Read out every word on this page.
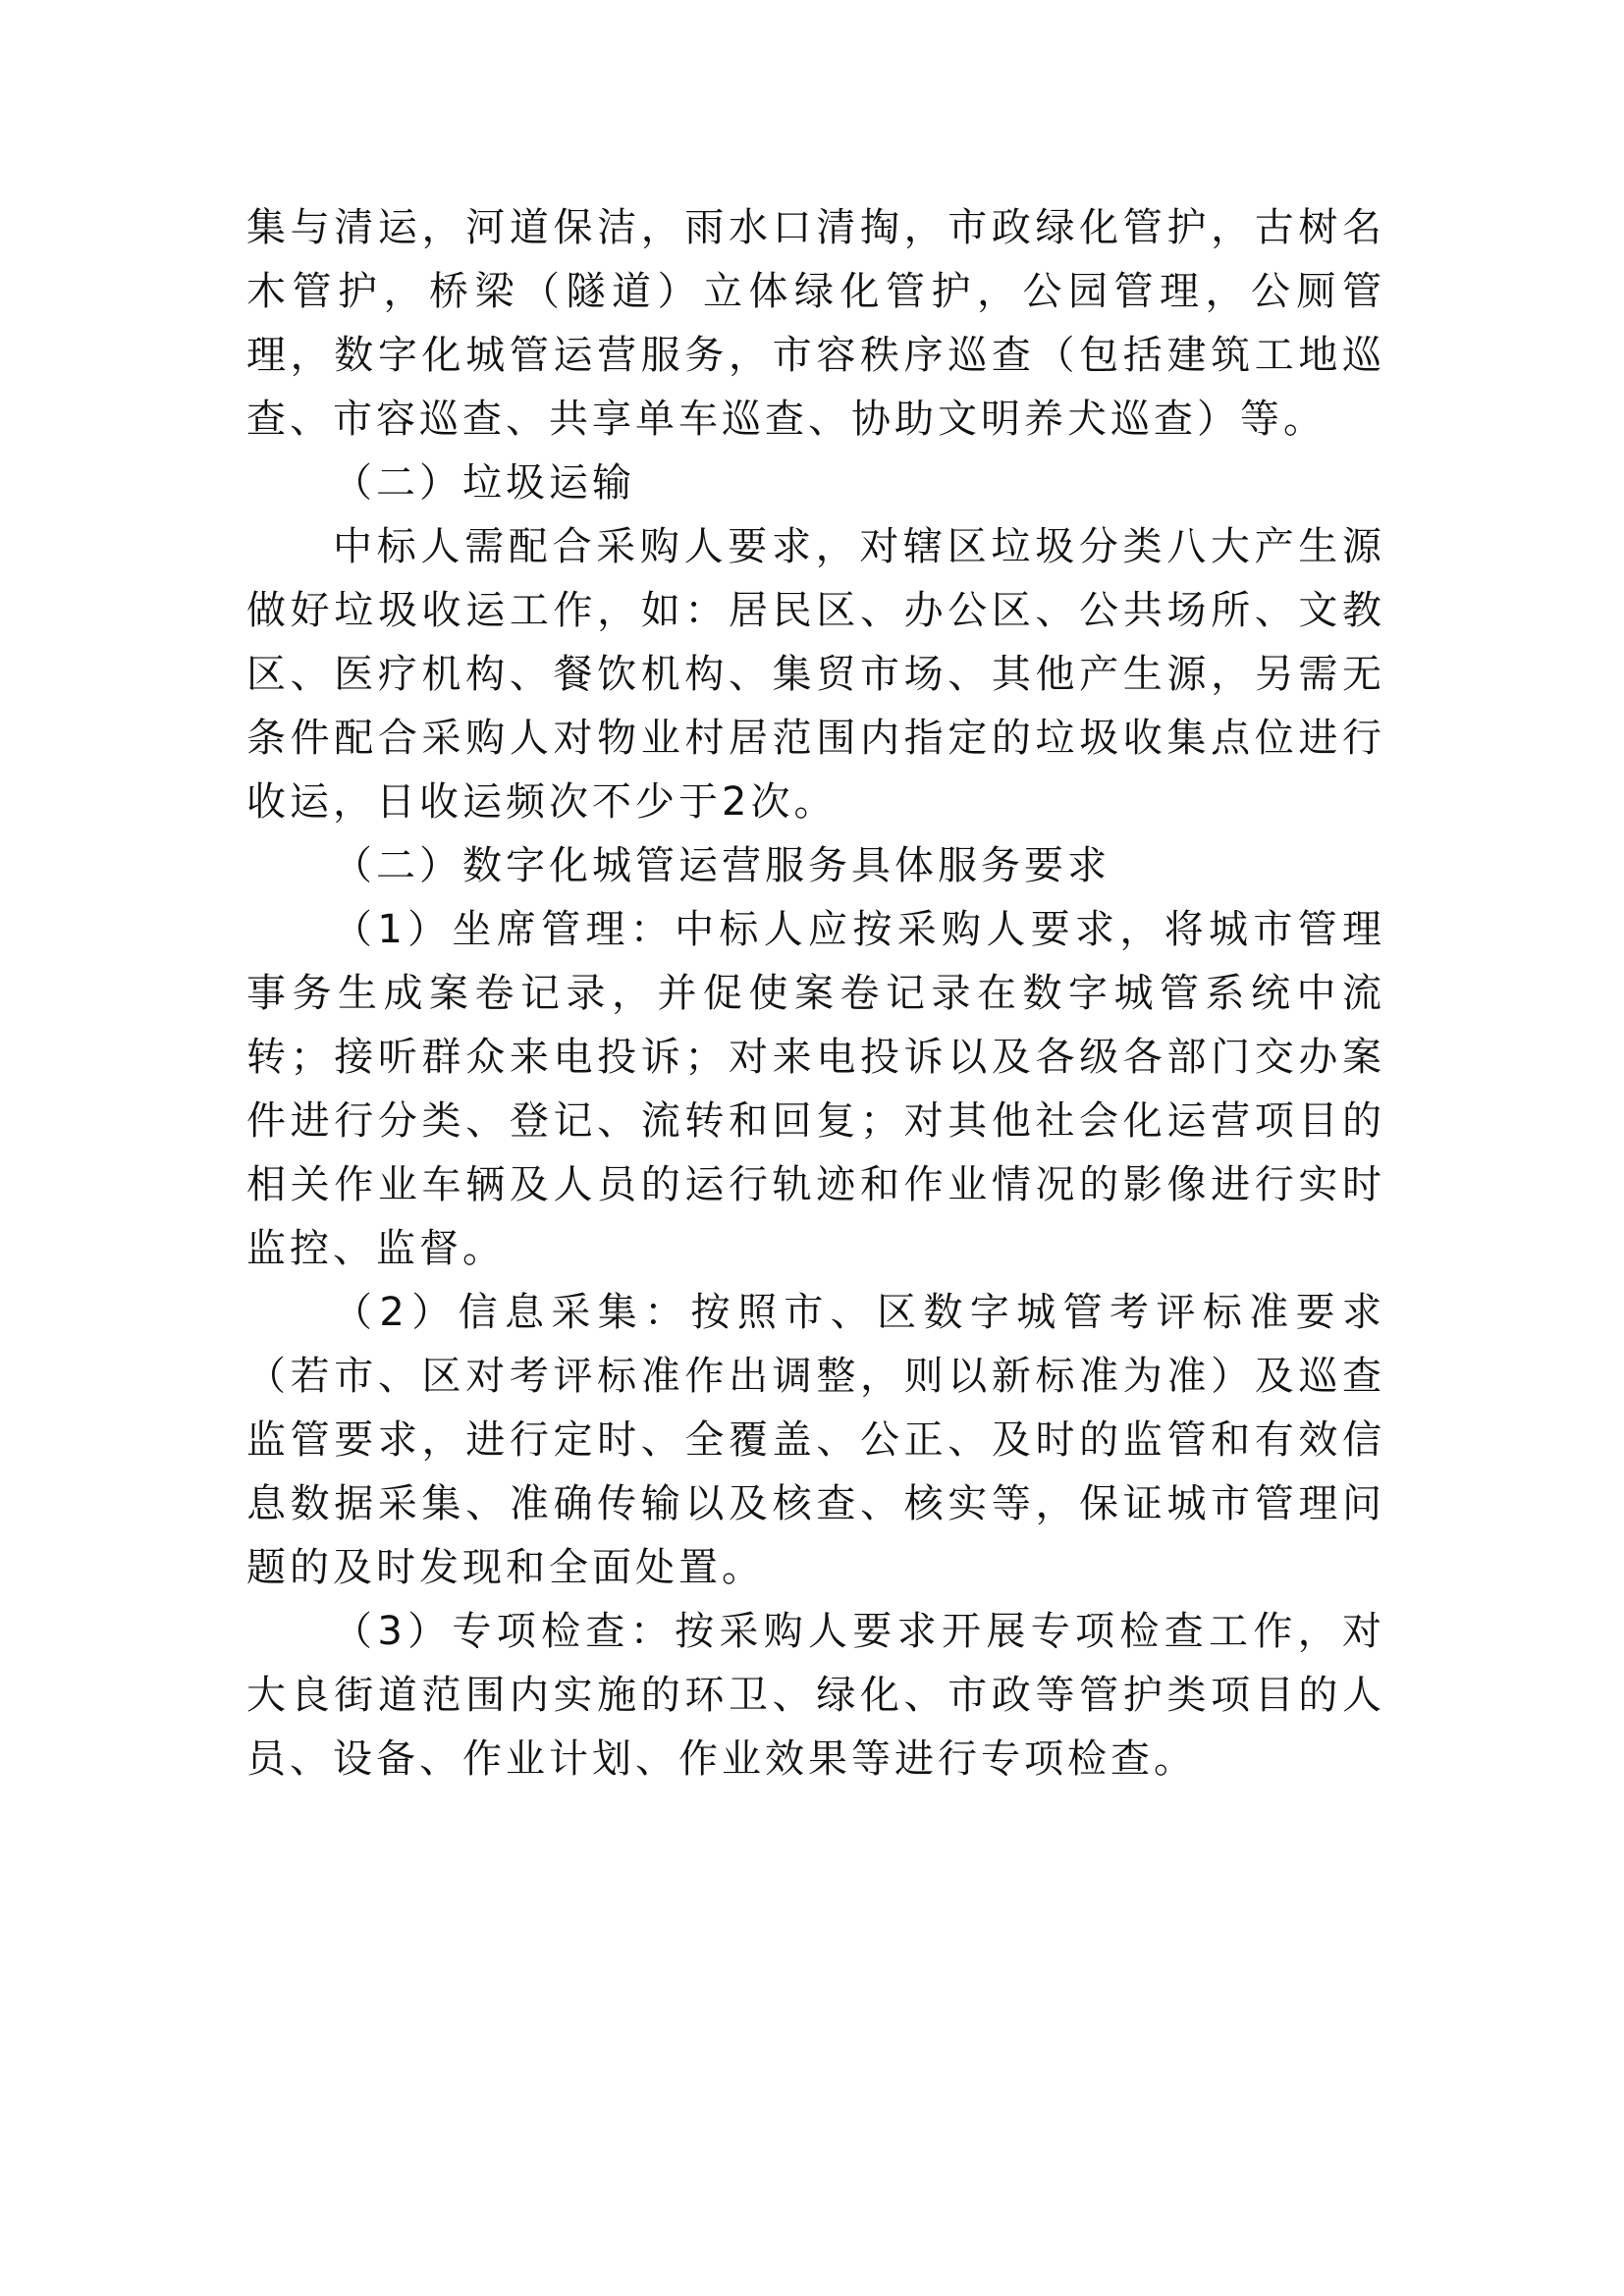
集与清运，河道保洁，雨水口清掏，市政绿化管护，古树名木管护，桥梁（隧道）立体绿化管护，公园管理，公厕管理，数字化城管运营服务，市容秩序巡查（包括建筑工地巡查、市容巡查、共享单车巡查、协助文明养犬巡查）等。

（二）垃圾运输

中标人需配合采购人要求，对辖区垃圾分类八大产生源做好垃圾收运工作，如：居民区、办公区、公共场所、文教区、医疗机构、餐饮机构、集贸市场、其他产生源，另需无条件配合采购人对物业村居范围内指定的垃圾收集点位进行收运，日收运频次不少于2次。

（二）数字化城管运营服务具体服务要求

（1）坐席管理：中标人应按采购人要求，将城市管理事务生成案卷记录，并促使案卷记录在数字城管系统中流转；接听群众来电投诉；对来电投诉以及各级各部门交办案件进行分类、登记、流转和回复；对其他社会化运营项目的相关作业车辆及人员的运行轨迹和作业情况的影像进行实时监控、监督。

（2）信息采集：按照市、区数字城管考评标准要求（若市、区对考评标准作出调整，则以新标准为准）及巡查监管要求，进行定时、全覆盖、公正、及时的监管和有效信息数据采集、准确传输以及核查、核实等，保证城市管理问题的及时发现和全面处置。

（3）专项检查：按采购人要求开展专项检查工作，对大良街道范围内实施的环卫、绿化、市政等管护类项目的人员、设备、作业计划、作业效果等进行专项检查。
